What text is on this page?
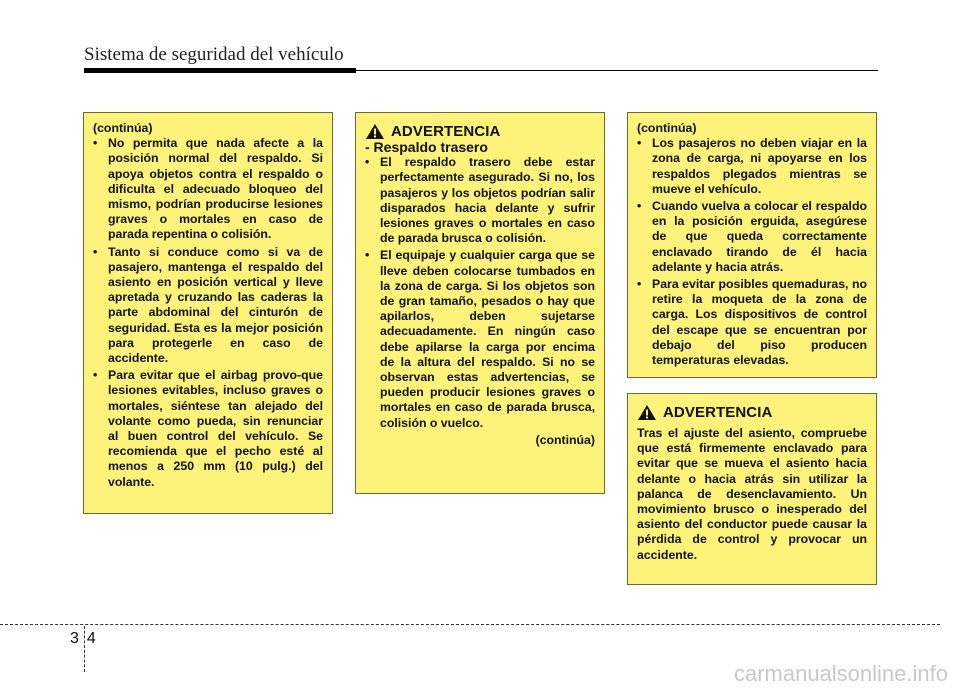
Sistema de seguridad del vehículo

(continúa)

• No permita que nada afecte a la posición normal del respaldo. Si apoya objetos contra el respaldo o dificulta el adecuado bloqueo del mismo, podrían producirse lesiones graves o mortales en caso de parada repentina o colisión.
• Tanto si conduce como si va de pasajero, mantenga el respaldo del asiento en posición vertical y lleve apretada y cruzando las caderas la parte abdominal del cinturón de seguridad. Esta es la mejor posición para protegerle en caso de accidente.
• Para evitar que el airbag provo-que lesiones evitables, incluso graves o mortales, siéntese tan alejado del volante como pueda, sin renunciar al buen control del vehículo. Se recomienda que el pecho esté al menos a 250 mm (10 pulg.) del volante.
ADVERTENCIA

- Respaldo trasero

• El respaldo trasero debe estar perfectamente asegurado. Si no, los pasajeros y los objetos podrían salir disparados hacia delante y sufrir lesiones graves o mortales en caso de parada brusca o colisión.
• El equipaje y cualquier carga que se lleve deben colocarse tumbados en la zona de carga. Si los objetos son de gran tamaño, pesados o hay que apilarlos, deben sujetarse adecuadamente. En ningún caso debe apilarse la carga por encima de la altura del respaldo. Si no se observan estas advertencias, se pueden producir lesiones graves o mortales en caso de parada brusca, colisión o vuelco.

(continúa)

(continúa)

• Los pasajeros no deben viajar en la zona de carga, ni apoyarse en los respaldos plegados mientras se mueve el vehículo.
• Cuando vuelva a colocar el respaldo en la posición erguida, asegúrese de que queda correctamente enclavado tirando de él hacia adelante y hacia atrás.
• Para evitar posibles quemaduras, no retire la moqueta de la zona de carga. Los dispositivos de control del escape que se encuentran por debajo del piso producen temperaturas elevadas.
ADVERTENCIA

Tras el ajuste del asiento, compruebe que está firmemente enclavado para evitar que se mueva el asiento hacia delante o hacia atrás sin utilizar la palanca de desenclavamiento. Un movimiento brusco o inesperado del asiento del conductor puede causar la pérdida de control y provocar un accidente.

34
carmanualsonline.info
